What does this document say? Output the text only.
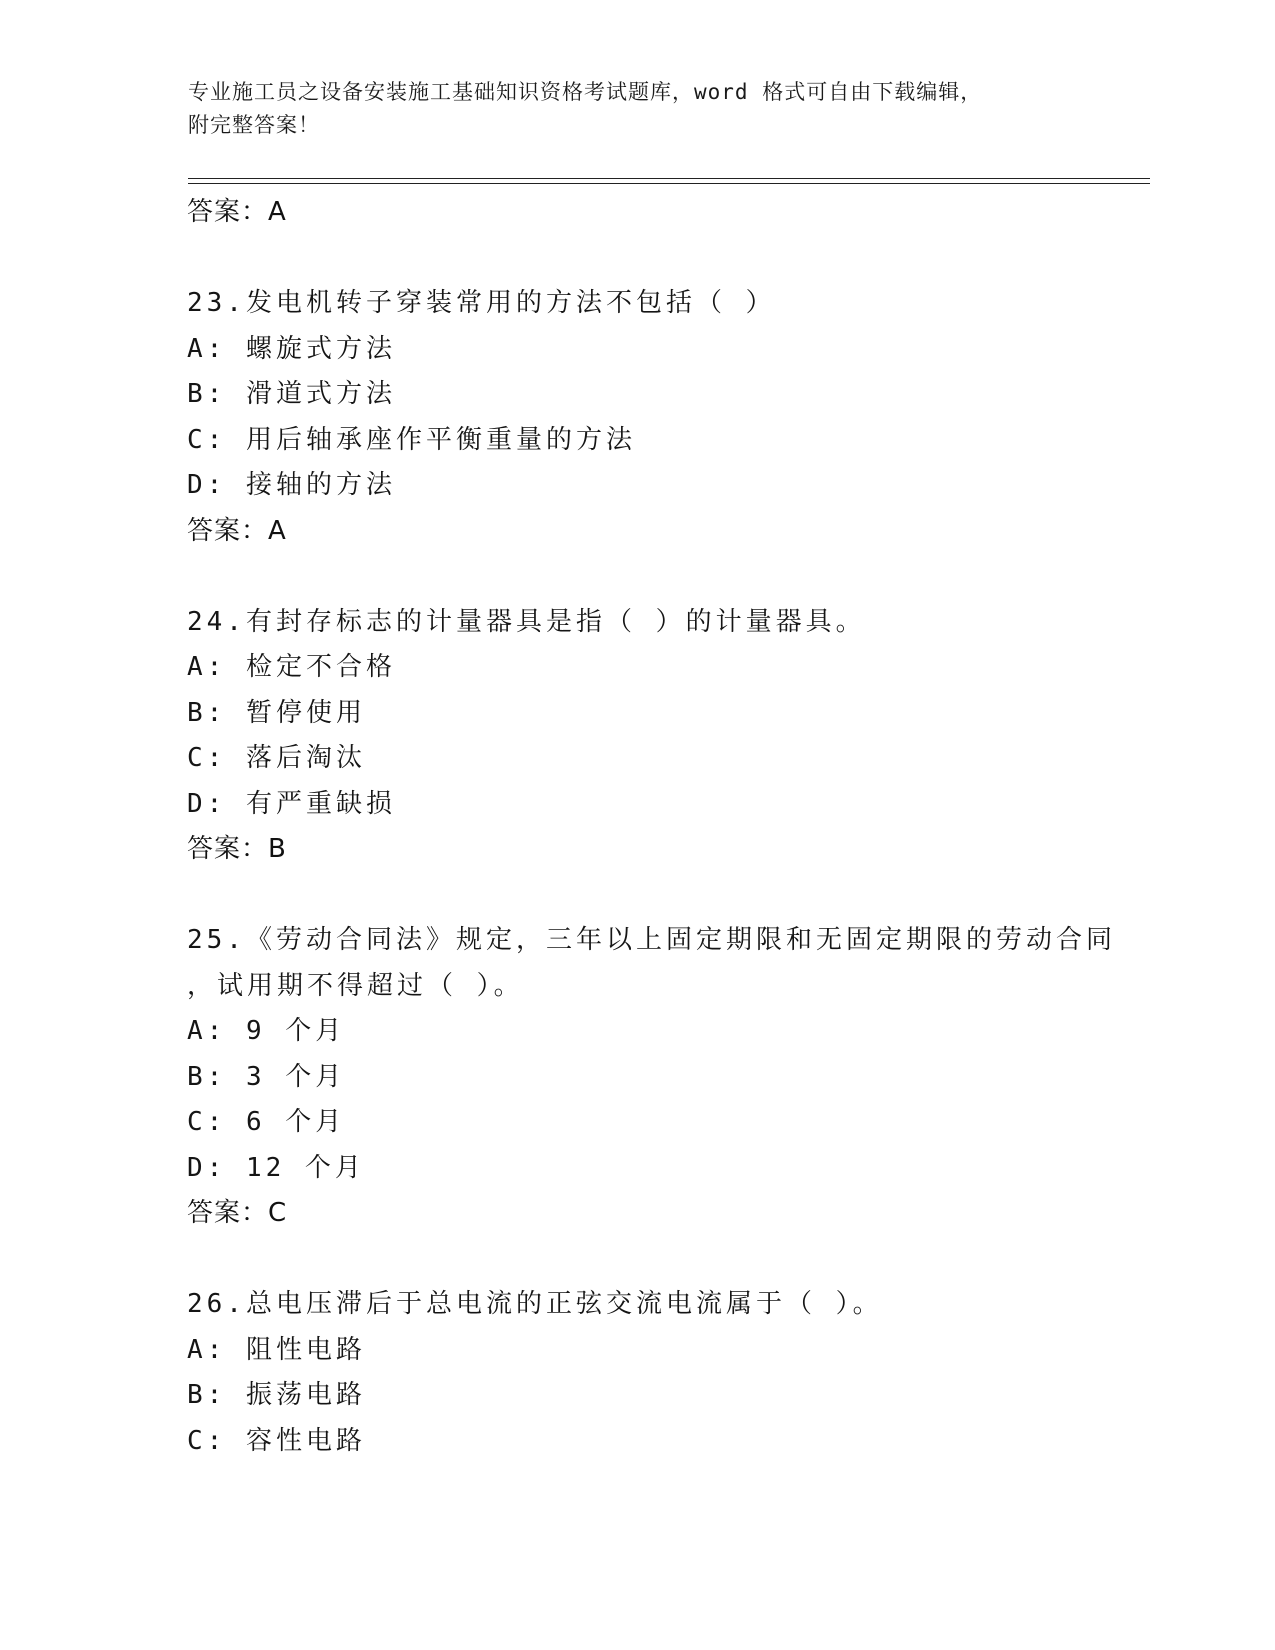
专业施工员之设备安装施工基础知识资格考试题库，word 格式可自由下载编辑，
附完整答案！
答案：A
23.发电机转子穿装常用的方法不包括（ ）
A: 螺旋式方法
B: 滑道式方法
C: 用后轴承座作平衡重量的方法
D: 接轴的方法
答案：A
24.有封存标志的计量器具是指（ ）的计量器具。
A: 检定不合格
B: 暂停使用
C: 落后淘汰
D: 有严重缺损
答案：B
25.《劳动合同法》规定，三年以上固定期限和无固定期限的劳动合同
，试用期不得超过（ ）。
A: 9 个月
B: 3 个月
C: 6 个月
D: 12 个月
答案：C
26.总电压滞后于总电流的正弦交流电流属于（ ）。
A: 阻性电路
B: 振荡电路
C: 容性电路
